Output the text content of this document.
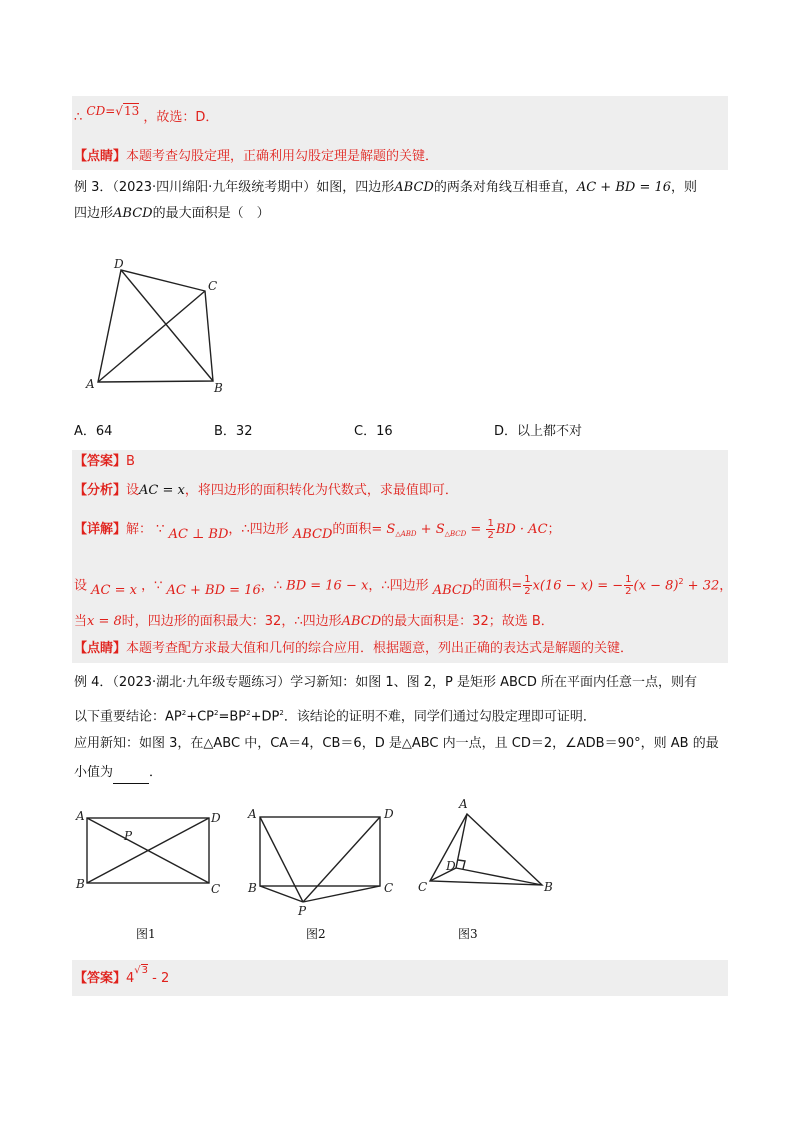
∴ CD=√13 ，故选：D．
【点睛】本题考查勾股定理，正确利用勾股定理是解题的关键．
例 3．（2023·四川绵阳·九年级统考期中）如图，四边形ABCD的两条对角线互相垂直，AC + BD = 16，则
四边形ABCD的最大面积是（　）
D
C
A	B
A	D
P
B	C
A	D
B	C
P
A
D
C	B
A．64	B．32	C．16	D．以上都不对
【答案】B
【分析】设AC = x，将四边形的面积转化为代数式，求最值即可．
【详解】解： ∵ AC ⊥ BD，∴四边形 ABCD的面积= $S_{\triangle ABD} + S_{\triangle BCD} = \frac{1}{2}$ BD · AC；
设 AC = x ，∵ AC + BD = 16，∴ BD = 16 − x，∴四边形 ABCD的面积= $\frac{1}{2} x(16 - x)$ = − $\frac{1}{2} (x - 8)^2 + 32$，
当x = 8时，四边形的面积最大：32，∴四边形ABCD的最大面积是：32；故选 B．
【点睛】本题考查配方求最大值和几何的综合应用．根据题意，列出正确的表达式是解题的关键．
例 4．（2023·湖北·九年级专题练习）学习新知：如图 1、图 2，P 是矩形 ABCD 所在平面内任意一点，则有
以下重要结论：$AP^2+CP^2=BP^2+DP^2$．该结论的证明不难，同学们通过勾股定理即可证明．
应用新知：如图 3，在△ABC 中，CA＝4，CB＝6，D 是△ABC 内一点，且 CD＝2，∠ADB＝90°，则 AB 的最
小值为	．
图1	图2	图3
【答案】$4^{√3} - 2$
